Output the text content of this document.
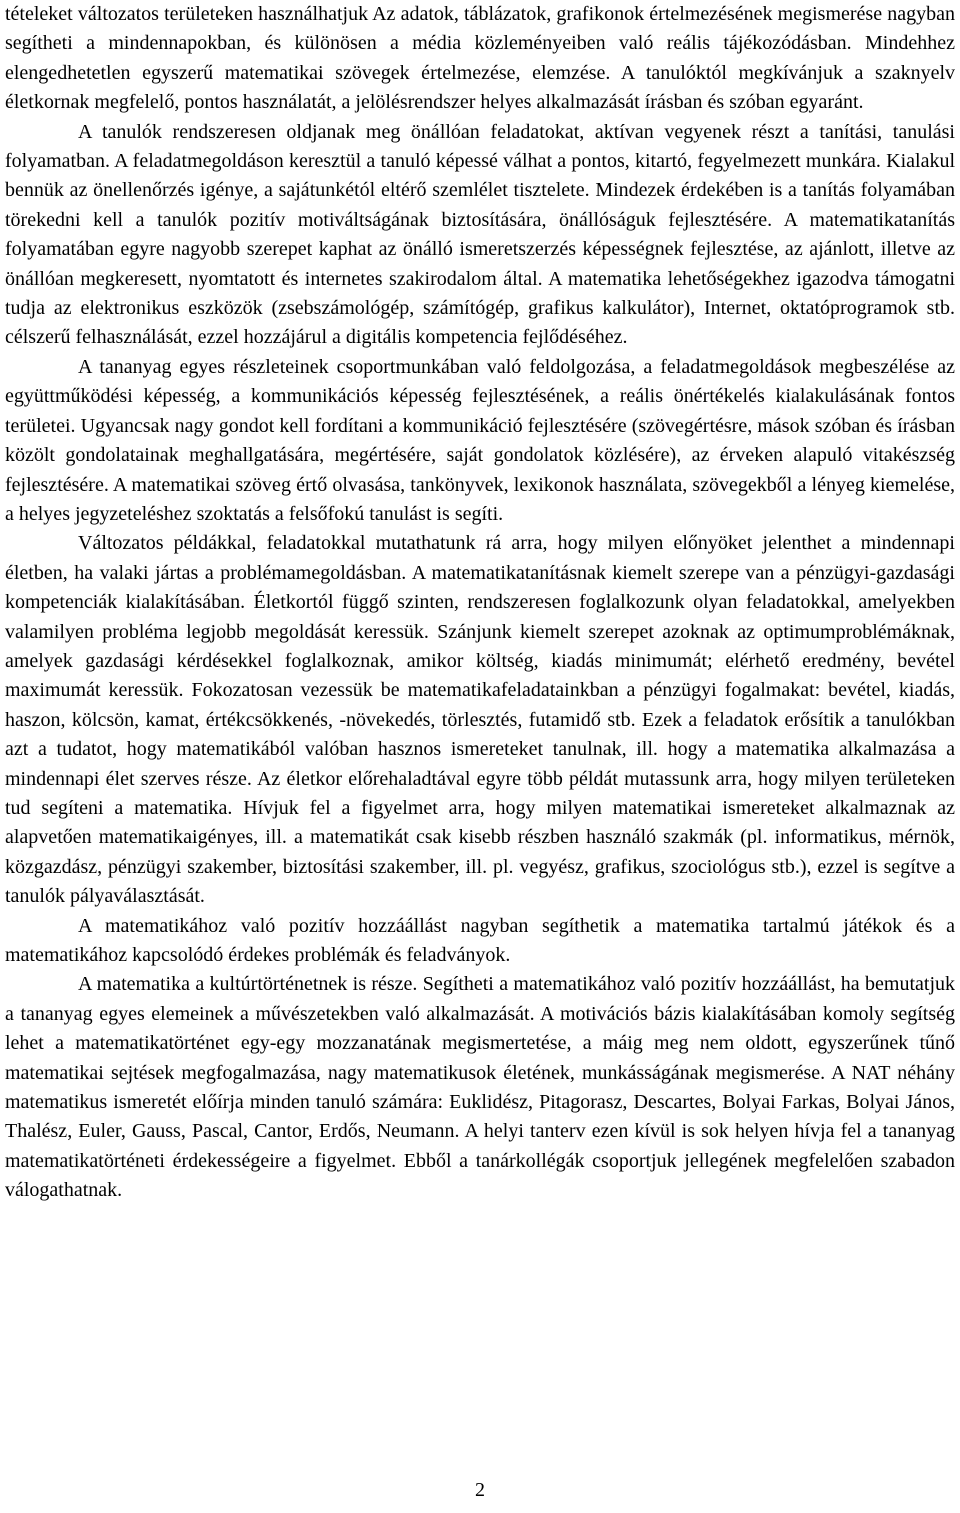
tételeket változatos területeken használhatjuk Az adatok, táblázatok, grafikonok értelmezésének megismerése nagyban segítheti a mindennapokban, és különösen a média közleményeiben való reális tájékozódásban. Mindehhez elengedhetetlen egyszerű matematikai szövegek értelmezése, elemzése. A tanulóktól megkívánjuk a szaknyelv életkornak megfelelő, pontos használatát, a jelölésrendszer helyes alkalmazását írásban és szóban egyaránt.

A tanulók rendszeresen oldjanak meg önállóan feladatokat, aktívan vegyenek részt a tanítási, tanulási folyamatban. A feladatmegoldáson keresztül a tanuló képessé válhat a pontos, kitartó, fegyelmezett munkára. Kialakul bennük az önellenőrzés igénye, a sajátunkétól eltérő szemlélet tisztelete. Mindezek érdekében is a tanítás folyamában törekedni kell a tanulók pozitív motiváltságának biztosítására, önállóságuk fejlesztésére. A matematikatanítás folyamatában egyre nagyobb szerepet kaphat az önálló ismeretszerzés képességnek fejlesztése, az ajánlott, illetve az önállóan megkeresett, nyomtatott és internetes szakirodalom által. A matematika lehetőségekhez igazodva támogatni tudja az elektronikus eszközök (zsebszámológép, számítógép, grafikus kalkulátor), Internet, oktatóprogramok stb. célszerű felhasználását, ezzel hozzájárul a digitális kompetencia fejlődéséhez.

A tananyag egyes részleteinek csoportmunkában való feldolgozása, a feladatmegoldások megbeszélése az együttműködési képesség, a kommunikációs képesség fejlesztésének, a reális önértékelés kialakulásának fontos területei. Ugyancsak nagy gondot kell fordítani a kommunikáció fejlesztésére (szövegértésre, mások szóban és írásban közölt gondolatainak meghallgatására, megértésére, saját gondolatok közlésére), az érveken alapuló vitakészség fejlesztésére. A matematikai szöveg értő olvasása, tankönyvek, lexikonok használata, szövegekből a lényeg kiemelése, a helyes jegyzeteléshez szoktatás a felsőfokú tanulást is segíti.

Változatos példákkal, feladatokkal mutathatunk rá arra, hogy milyen előnyöket jelenthet a mindennapi életben, ha valaki jártas a problémamegoldásban. A matematikatanításnak kiemelt szerepe van a pénzügyi-gazdasági kompetenciák kialakításában. Életkortól függő szinten, rendszeresen foglalkozunk olyan feladatokkal, amelyekben valamilyen probléma legjobb megoldását keressük. Szánjunk kiemelt szerepet azoknak az optimumproblémáknak, amelyek gazdasági kérdésekkel foglalkoznak, amikor költség, kiadás minimumát; elérhető eredmény, bevétel maximumát keressük. Fokozatosan vezessük be matematikafeladatainkban a pénzügyi fogalmakat: bevétel, kiadás, haszon, kölcsön, kamat, értékcsökkenés, -növekedés, törlesztés, futamidő stb. Ezek a feladatok erősítik a tanulókban azt a tudatot, hogy matematikából valóban hasznos ismereteket tanulnak, ill. hogy a matematika alkalmazása a mindennapi élet szerves része. Az életkor előrehaladtával egyre több példát mutassunk arra, hogy milyen területeken tud segíteni a matematika. Hívjuk fel a figyelmet arra, hogy milyen matematikai ismereteket alkalmaznak az alapvetően matematikaigényes, ill. a matematikát csak kisebb részben használó szakmák (pl. informatikus, mérnök, közgazdász, pénzügyi szakember, biztosítási szakember, ill. pl. vegyész, grafikus, szociológus stb.), ezzel is segítve a tanulók pályaválasztását.

A matematikához való pozitív hozzáállást nagyban segíthetik a matematika tartalmú játékok és a matematikához kapcsolódó érdekes problémák és feladványok.

A matematika a kultúrtörténetnek is része. Segítheti a matematikához való pozitív hozzáállást, ha bemutatjuk a tananyag egyes elemeinek a művészetekben való alkalmazását. A motivációs bázis kialakításában komoly segítség lehet a matematikatörténet egy-egy mozzanatának megismertetése, a máig meg nem oldott, egyszerűnek tűnő matematikai sejtések megfogalmazása, nagy matematikusok életének, munkásságának megismerése. A NAT néhány matematikus ismeretét előírja minden tanuló számára: Euklidész, Pitagorasz, Descartes, Bolyai Farkas, Bolyai János, Thalész, Euler, Gauss, Pascal, Cantor, Erdős, Neumann. A helyi tanterv ezen kívül is sok helyen hívja fel a tananyag matematikatörténeti érdekességeire a figyelmet. Ebből a tanárkollégák csoportjuk jellegének megfelelően szabadon válogathatnak.

2
